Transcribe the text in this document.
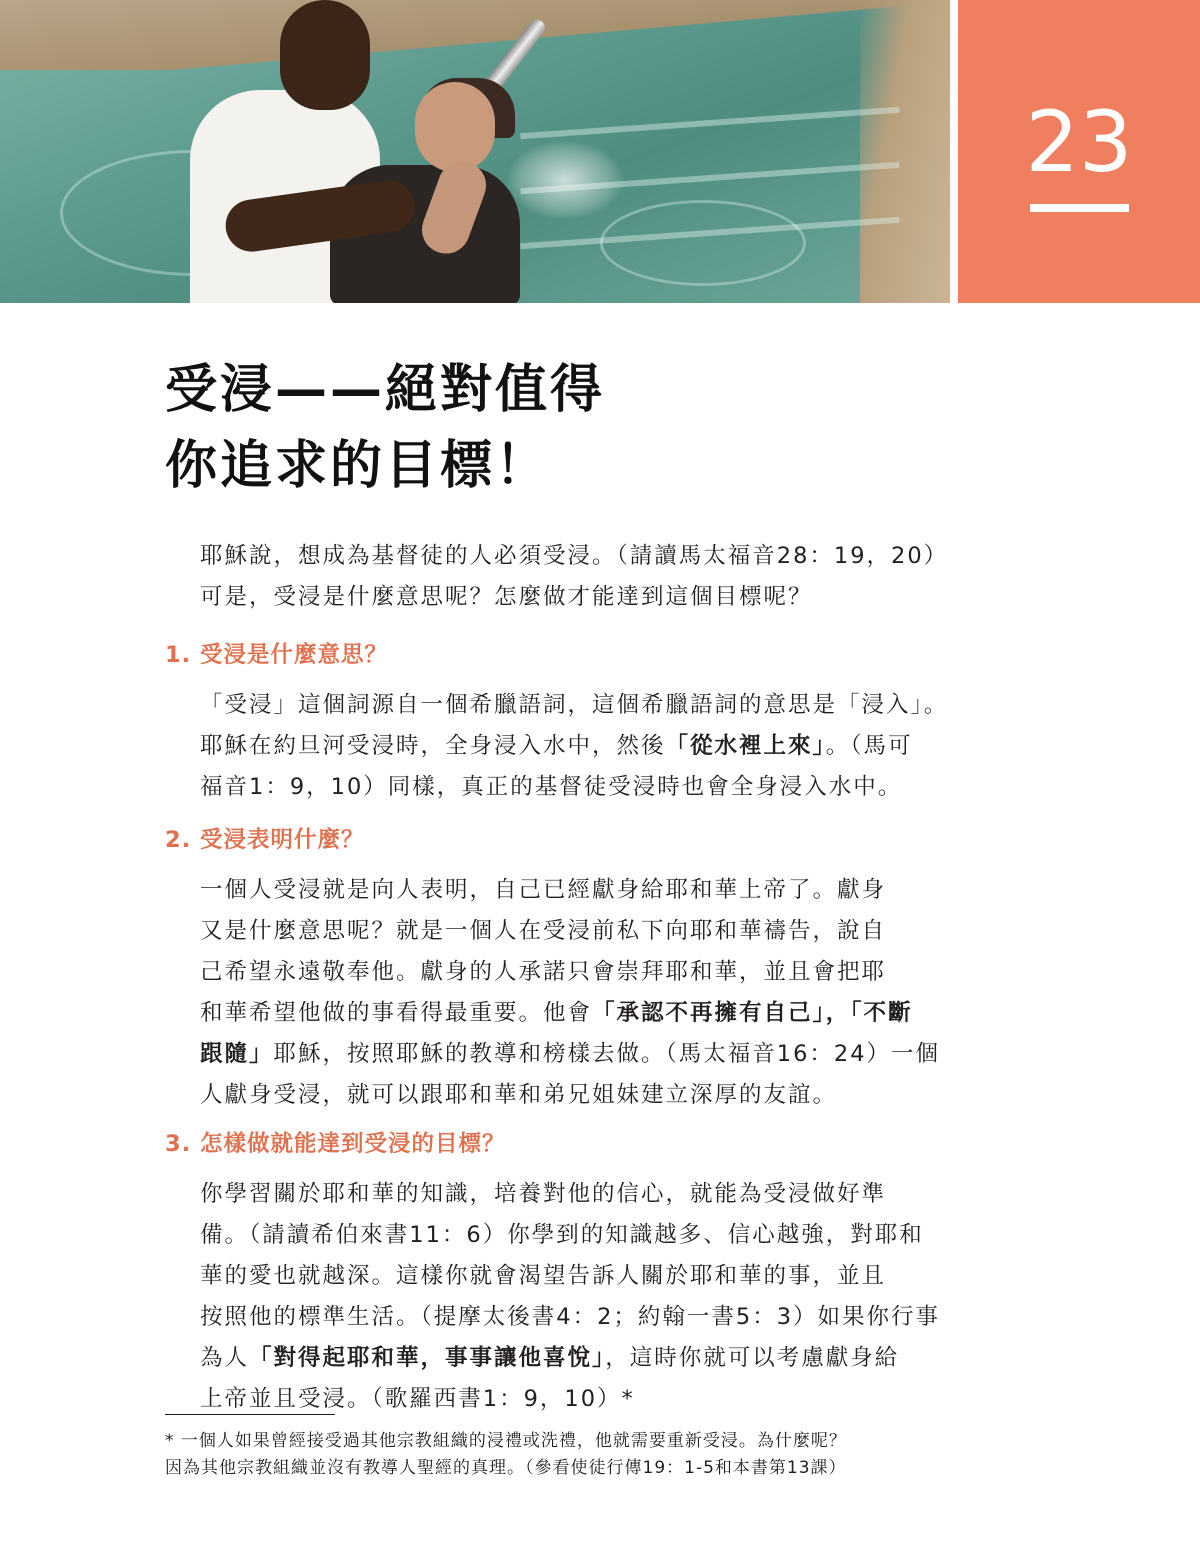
23
受浸——絕對值得
你追求的目標！
耶穌說，想成為基督徒的人必須受浸。（請讀馬太福音28：19，20）
可是，受浸是什麼意思呢？怎麼做才能達到這個目標呢？
1. 受浸是什麼意思？

「受浸」這個詞源自一個希臘語詞，這個希臘語詞的意思是「浸入」。

耶穌在約旦河受浸時，全身浸入水中，然後「從水裡上來」。（馬可

福音1：9，10）同樣，真正的基督徒受浸時也會全身浸入水中。

2. 受浸表明什麼？

一個人受浸就是向人表明，自己已經獻身給耶和華上帝了。獻身

又是什麼意思呢？就是一個人在受浸前私下向耶和華禱告，說自

己希望永遠敬奉他。獻身的人承諾只會崇拜耶和華，並且會把耶

和華希望他做的事看得最重要。他會「承認不再擁有自己」，「不斷

跟隨」耶穌，按照耶穌的教導和榜樣去做。（馬太福音16：24）一個

人獻身受浸，就可以跟耶和華和弟兄姐妹建立深厚的友誼。

3. 怎樣做就能達到受浸的目標？

你學習關於耶和華的知識，培養對他的信心，就能為受浸做好準

備。（請讀希伯來書11：6）你學到的知識越多、信心越強，對耶和

華的愛也就越深。這樣你就會渴望告訴人關於耶和華的事，並且

按照他的標準生活。（提摩太後書4：2；約翰一書5：3）如果你行事

為人「對得起耶和華，事事讓他喜悅」，這時你就可以考慮獻身給

上帝並且受浸。（歌羅西書1：9，10）*

* 一個人如果曾經接受過其他宗教組織的浸禮或洗禮，他就需要重新受浸。為什麼呢？
因為其他宗教組織並沒有教導人聖經的真理。（參看使徒行傳19：1-5和本書第13課）
